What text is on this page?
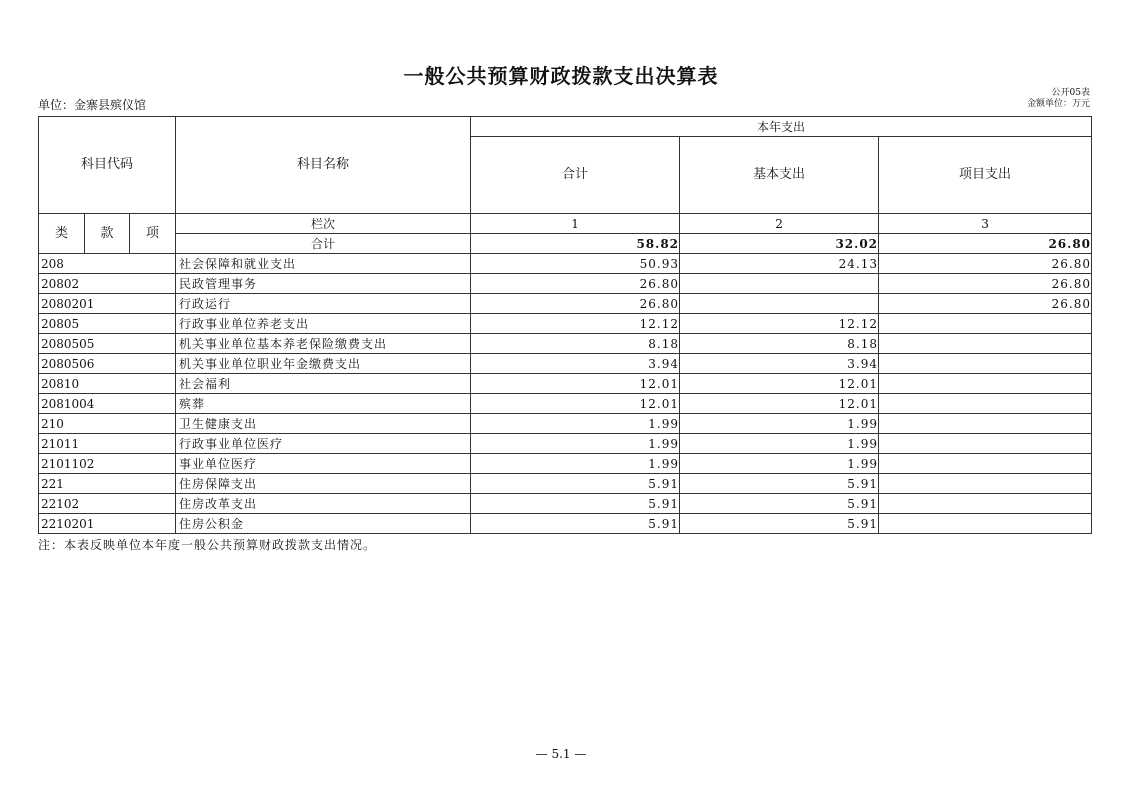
一般公共预算财政拨款支出决算表
单位：金寨县殡仪馆
公开05表
金额单位：万元
科目代码			科目名称	本年支出		
				合计	基本支出	项目支出
类	款	项	栏次	1	2	3
			合计	58.82	32.02	26.80
208			社会保障和就业支出	50.93	24.13	26.80
20802			民政管理事务	26.80		26.80
2080201			行政运行	26.80		26.80
20805			行政事业单位养老支出	12.12	12.12	
2080505			机关事业单位基本养老保险缴费支出	8.18	8.18	
2080506			机关事业单位职业年金缴费支出	3.94	3.94	
20810			社会福利	12.01	12.01	
2081004			殡葬	12.01	12.01	
210			卫生健康支出	1.99	1.99	
21011			行政事业单位医疗	1.99	1.99	
2101102			事业单位医疗	1.99	1.99	
221			住房保障支出	5.91	5.91	
22102			住房改革支出	5.91	5.91	
2210201			住房公积金	5.91	5.91	
注：本表反映单位本年度一般公共预算财政拨款支出情况。
— 5.1 —
